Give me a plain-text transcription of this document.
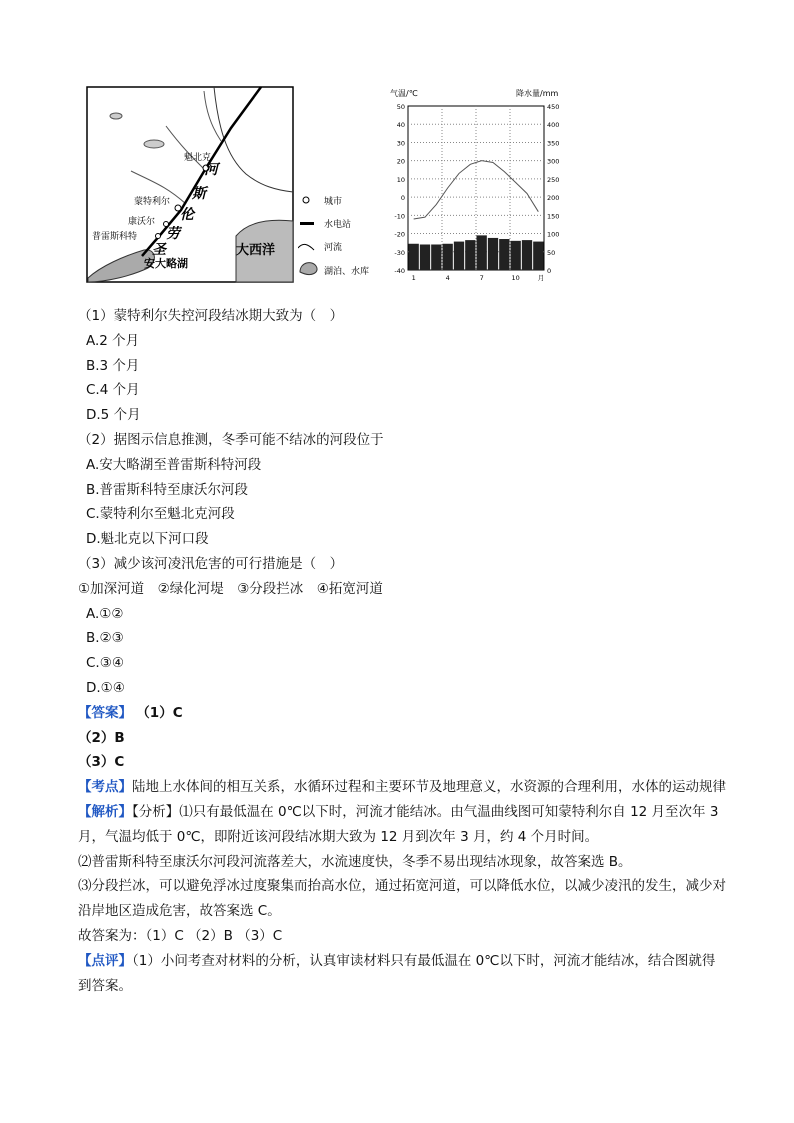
魁北克
河
斯
伦
劳
圣
蒙特利尔
康沃尔
普雷斯科特
安大略湖
大西洋
城市
水电站
河流
湖泊、水库
气温/℃	降水量/mm
50
40
30
20
10
0
-10
-20
-30
-40
450
400
350
300
250
200
150
100
50
0
1	4	7	10	月
（1）蒙特利尔失控河段结冰期大致为（　）
A.2 个月
B.3 个月
C.4 个月
D.5 个月
（2）据图示信息推测，冬季可能不结冰的河段位于
A.安大略湖至普雷斯科特河段
B.普雷斯科特至康沃尔河段
C.蒙特利尔至魁北克河段
D.魁北克以下河口段
（3）减少该河凌汛危害的可行措施是（　）
①加深河道　②绿化河堤　③分段拦冰　④拓宽河道
A.①②
B.②③
C.③④
D.①④
【答案】 （1）C
（2）B
（3）C
【考点】陆地上水体间的相互关系，水循环过程和主要环节及地理意义，水资源的合理利用，水体的运动规律
【解析】【分析】⑴只有最低温在 0℃以下时，河流才能结冰。由气温曲线图可知蒙特利尔自 12 月至次年 3 月，气温均低于 0℃，即附近该河段结冰期大致为 12 月到次年 3 月，约 4 个月时间。
⑵普雷斯科特至康沃尔河段河流落差大，水流速度快，冬季不易出现结冰现象，故答案选 B。
⑶分段拦冰，可以避免浮冰过度聚集而抬高水位，通过拓宽河道，可以降低水位，以减少凌汛的发生，减少对沿岸地区造成危害，故答案选 C。
故答案为：（1）C （2）B （3）C
【点评】（1）小问考查对材料的分析，认真审读材料只有最低温在 0℃以下时，河流才能结冰，结合图就得到答案。
